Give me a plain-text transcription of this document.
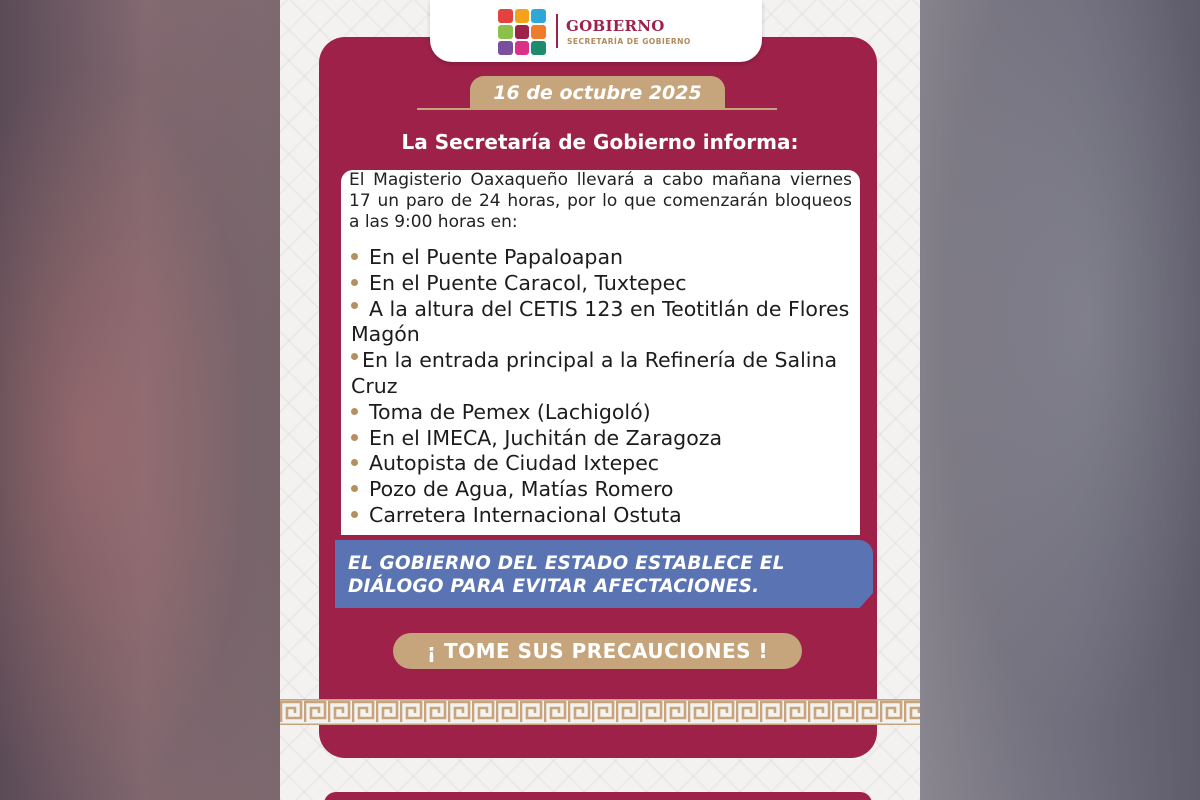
GOBIERNO
SECRETARÍA DE GOBIERNO
16 de octubre 2025
La Secretaría de Gobierno informa:
El Magisterio Oaxaqueño llevará a cabo mañana viernes 17 un paro de 24 horas, por lo que comenzarán bloqueos a las 9:00 horas en:
En el Puente Papaloapan
En el Puente Caracol, Tuxtepec
A la altura del CETIS 123 en Teotitlán de Flores Magón
En la entrada principal a la Refinería de Salina Cruz
Toma de Pemex (Lachigoló)
En el IMECA, Juchitán de Zaragoza
Autopista de Ciudad Ixtepec
Pozo de Agua, Matías Romero
Carretera Internacional Ostuta
EL GOBIERNO DEL ESTADO ESTABLECE EL DIÁLOGO PARA EVITAR AFECTACIONES.
¡ TOME SUS PRECAUCIONES !
